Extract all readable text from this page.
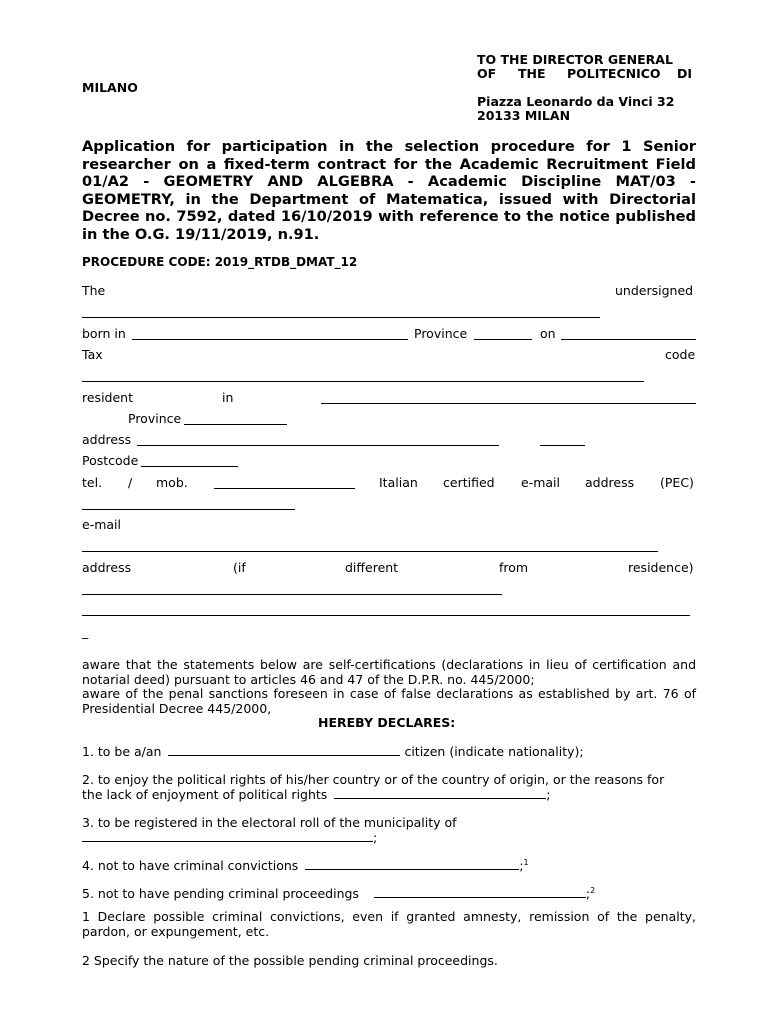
TO THE DIRECTOR GENERAL
OF THE POLITECNICO DI
MILANO
Piazza Leonardo da Vinci 32
20133 MILAN
Application for participation in the selection procedure for 1 Senior researcher on a fixed-term contract for the Academic Recruitment Field 01/A2 - GEOMETRY AND ALGEBRA - Academic Discipline MAT/03 - GEOMETRY, in the Department of Matematica, issued with Directorial Decree no. 7592, dated 16/10/2019 with reference to the notice published in the O.G. 19/11/2019, n.91.
PROCEDURE CODE: 2019_RTDB_DMAT_12
The	undersigned
born in	Province	on
Tax	code
resident	in
Province
address
Postcode
tel. / mob.	Italian certified e-mail address (PEC)
e-mail
address	(if	different	from	residence)
_
aware that the statements below are self-certifications (declarations in lieu of certification and notarial deed) pursuant to articles 46 and 47 of the D.P.R. no. 445/2000;
aware of the penal sanctions foreseen in case of false declarations as established by art. 76 of Presidential Decree 445/2000,
HEREBY DECLARES:
1. to be a/an	citizen (indicate nationality);
2. to enjoy the political rights of his/her country or of the country of origin, or the reasons for
the lack of enjoyment of political rights	;
3. to be registered in the electoral roll of the municipality of
;
4. not to have criminal convictions	;$^1$
5. not to have pending criminal proceedings	;$^2$
1 Declare possible criminal convictions, even if granted amnesty, remission of the penalty, pardon, or expungement, etc.
2 Specify the nature of the possible pending criminal proceedings.
